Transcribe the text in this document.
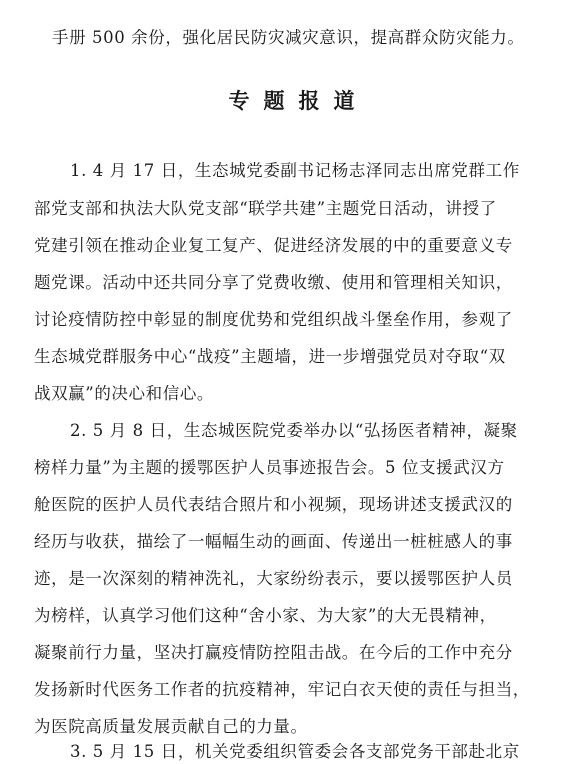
手册 500 余份，强化居民防灾减灾意识，提高群众防灾能力。
专题报道
1. 4 月 17 日，生态城党委副书记杨志泽同志出席党群工作
部党支部和执法大队党支部“联学共建”主题党日活动，讲授了
党建引领在推动企业复工复产、促进经济发展的中的重要意义专
题党课。活动中还共同分享了党费收缴、使用和管理相关知识，
讨论疫情防控中彰显的制度优势和党组织战斗堡垒作用，参观了
生态城党群服务中心“战疫”主题墙，进一步增强党员对夺取“双
战双赢”的决心和信心。
2. 5 月 8 日，生态城医院党委举办以“弘扬医者精神，凝聚
榜样力量”为主题的援鄂医护人员事迹报告会。5 位支援武汉方
舱医院的医护人员代表结合照片和小视频，现场讲述支援武汉的
经历与收获，描绘了一幅幅生动的画面、传递出一桩桩感人的事
迹，是一次深刻的精神洗礼，大家纷纷表示，要以援鄂医护人员
为榜样，认真学习他们这种“舍小家、为大家”的大无畏精神，
凝聚前行力量，坚决打赢疫情防控阻击战。在今后的工作中充分
发扬新时代医务工作者的抗疫精神，牢记白衣天使的责任与担当，
为医院高质量发展贡献自己的力量。
3. 5 月 15 日，机关党委组织管委会各支部党务干部赴北京
